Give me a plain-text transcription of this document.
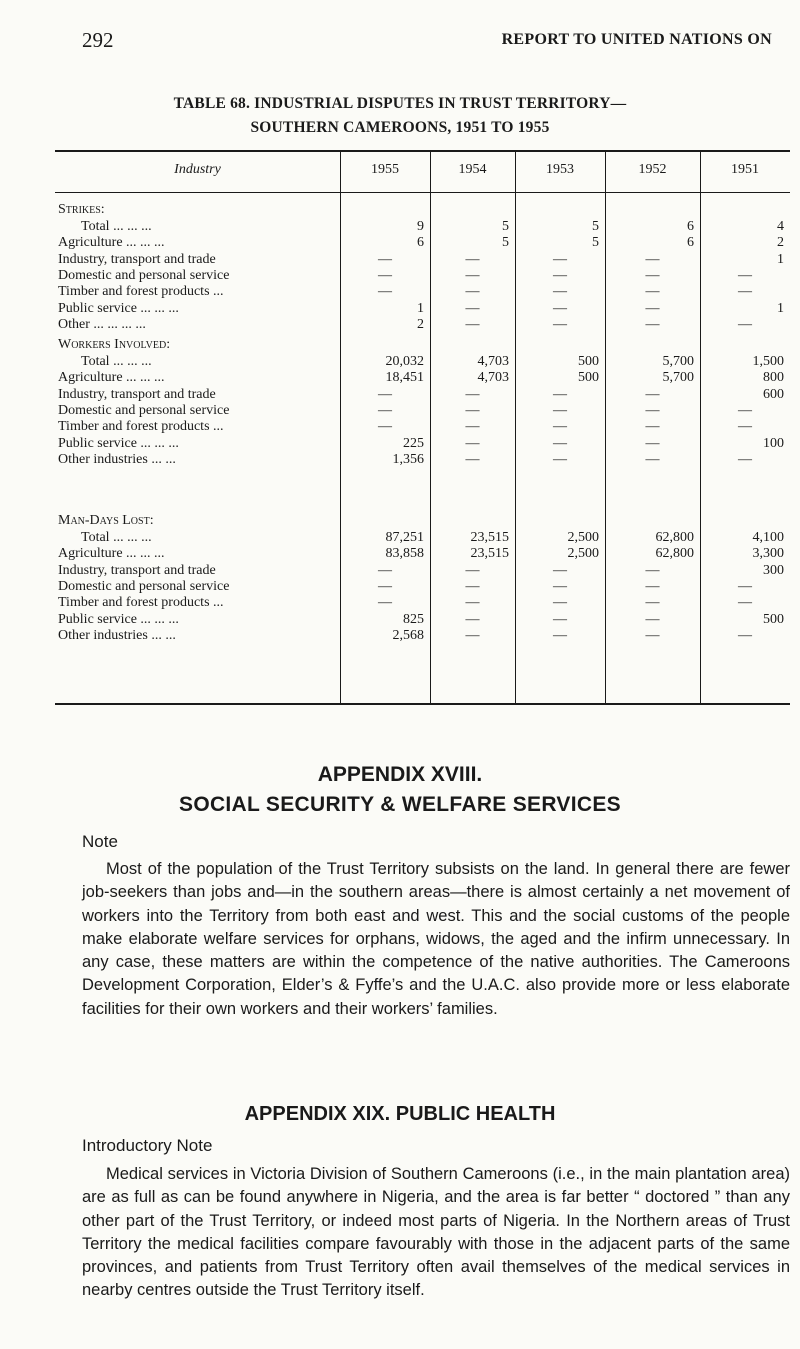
292	REPORT TO UNITED NATIONS ON
TABLE 68. INDUSTRIAL DISPUTES IN TRUST TERRITORY—
SOUTHERN CAMEROONS, 1951 TO 1955
Industry	1955	1954	1953	1952	1951
Strikes:
Total ... ... ...	9	5	5	6	4
Agriculture ... ... ...	6	5	5	6	2
Industry, transport and trade	—	—	—	—	1
Domestic and personal service	—	—	—	—	—
Timber and forest products ...	—	—	—	—	—
Public service ... ... ...	1	—	—	—	1
Other ... ... ... ...	2	—	—	—	—
Workers Involved:
Total ... ... ...	20,032	4,703	500	5,700	1,500
Agriculture ... ... ...	18,451	4,703	500	5,700	800
Industry, transport and trade	—	—	—	—	600
Domestic and personal service	—	—	—	—	—
Timber and forest products ...	—	—	—	—	—
Public service ... ... ...	225	—	—	—	100
Other industries ... ...	1,356	—	—	—	—
Man-Days Lost:
Total ... ... ...	87,251	23,515	2,500	62,800	4,100
Agriculture ... ... ...	83,858	23,515	2,500	62,800	3,300
Industry, transport and trade	—	—	—	—	300
Domestic and personal service	—	—	—	—	—
Timber and forest products ...	—	—	—	—	—
Public service ... ... ...	825	—	—	—	500
Other industries ... ...	2,568	—	—	—	—
APPENDIX XVIII.
SOCIAL SECURITY & WELFARE SERVICES
Note
Most of the population of the Trust Territory subsists on the land. In general there are fewer job-seekers than jobs and—in the southern areas—there is almost certainly a net movement of workers into the Territory from both east and west. This and the social customs of the people make elaborate welfare services for orphans, widows, the aged and the infirm unnecessary. In any case, these matters are within the competence of the native authorities. The Cameroons Development Corporation, Elder’s & Fyffe’s and the U.A.C. also provide more or less elaborate facilities for their own workers and their workers’ families.
APPENDIX XIX. PUBLIC HEALTH
Introductory Note
Medical services in Victoria Division of Southern Cameroons (i.e., in the main plantation area) are as full as can be found anywhere in Nigeria, and the area is far better “ doctored ” than any other part of the Trust Territory, or indeed most parts of Nigeria. In the Northern areas of Trust Territory the medical facilities compare favourably with those in the adjacent parts of the same provinces, and patients from Trust Territory often avail themselves of the medical services in nearby centres outside the Trust Territory itself.
